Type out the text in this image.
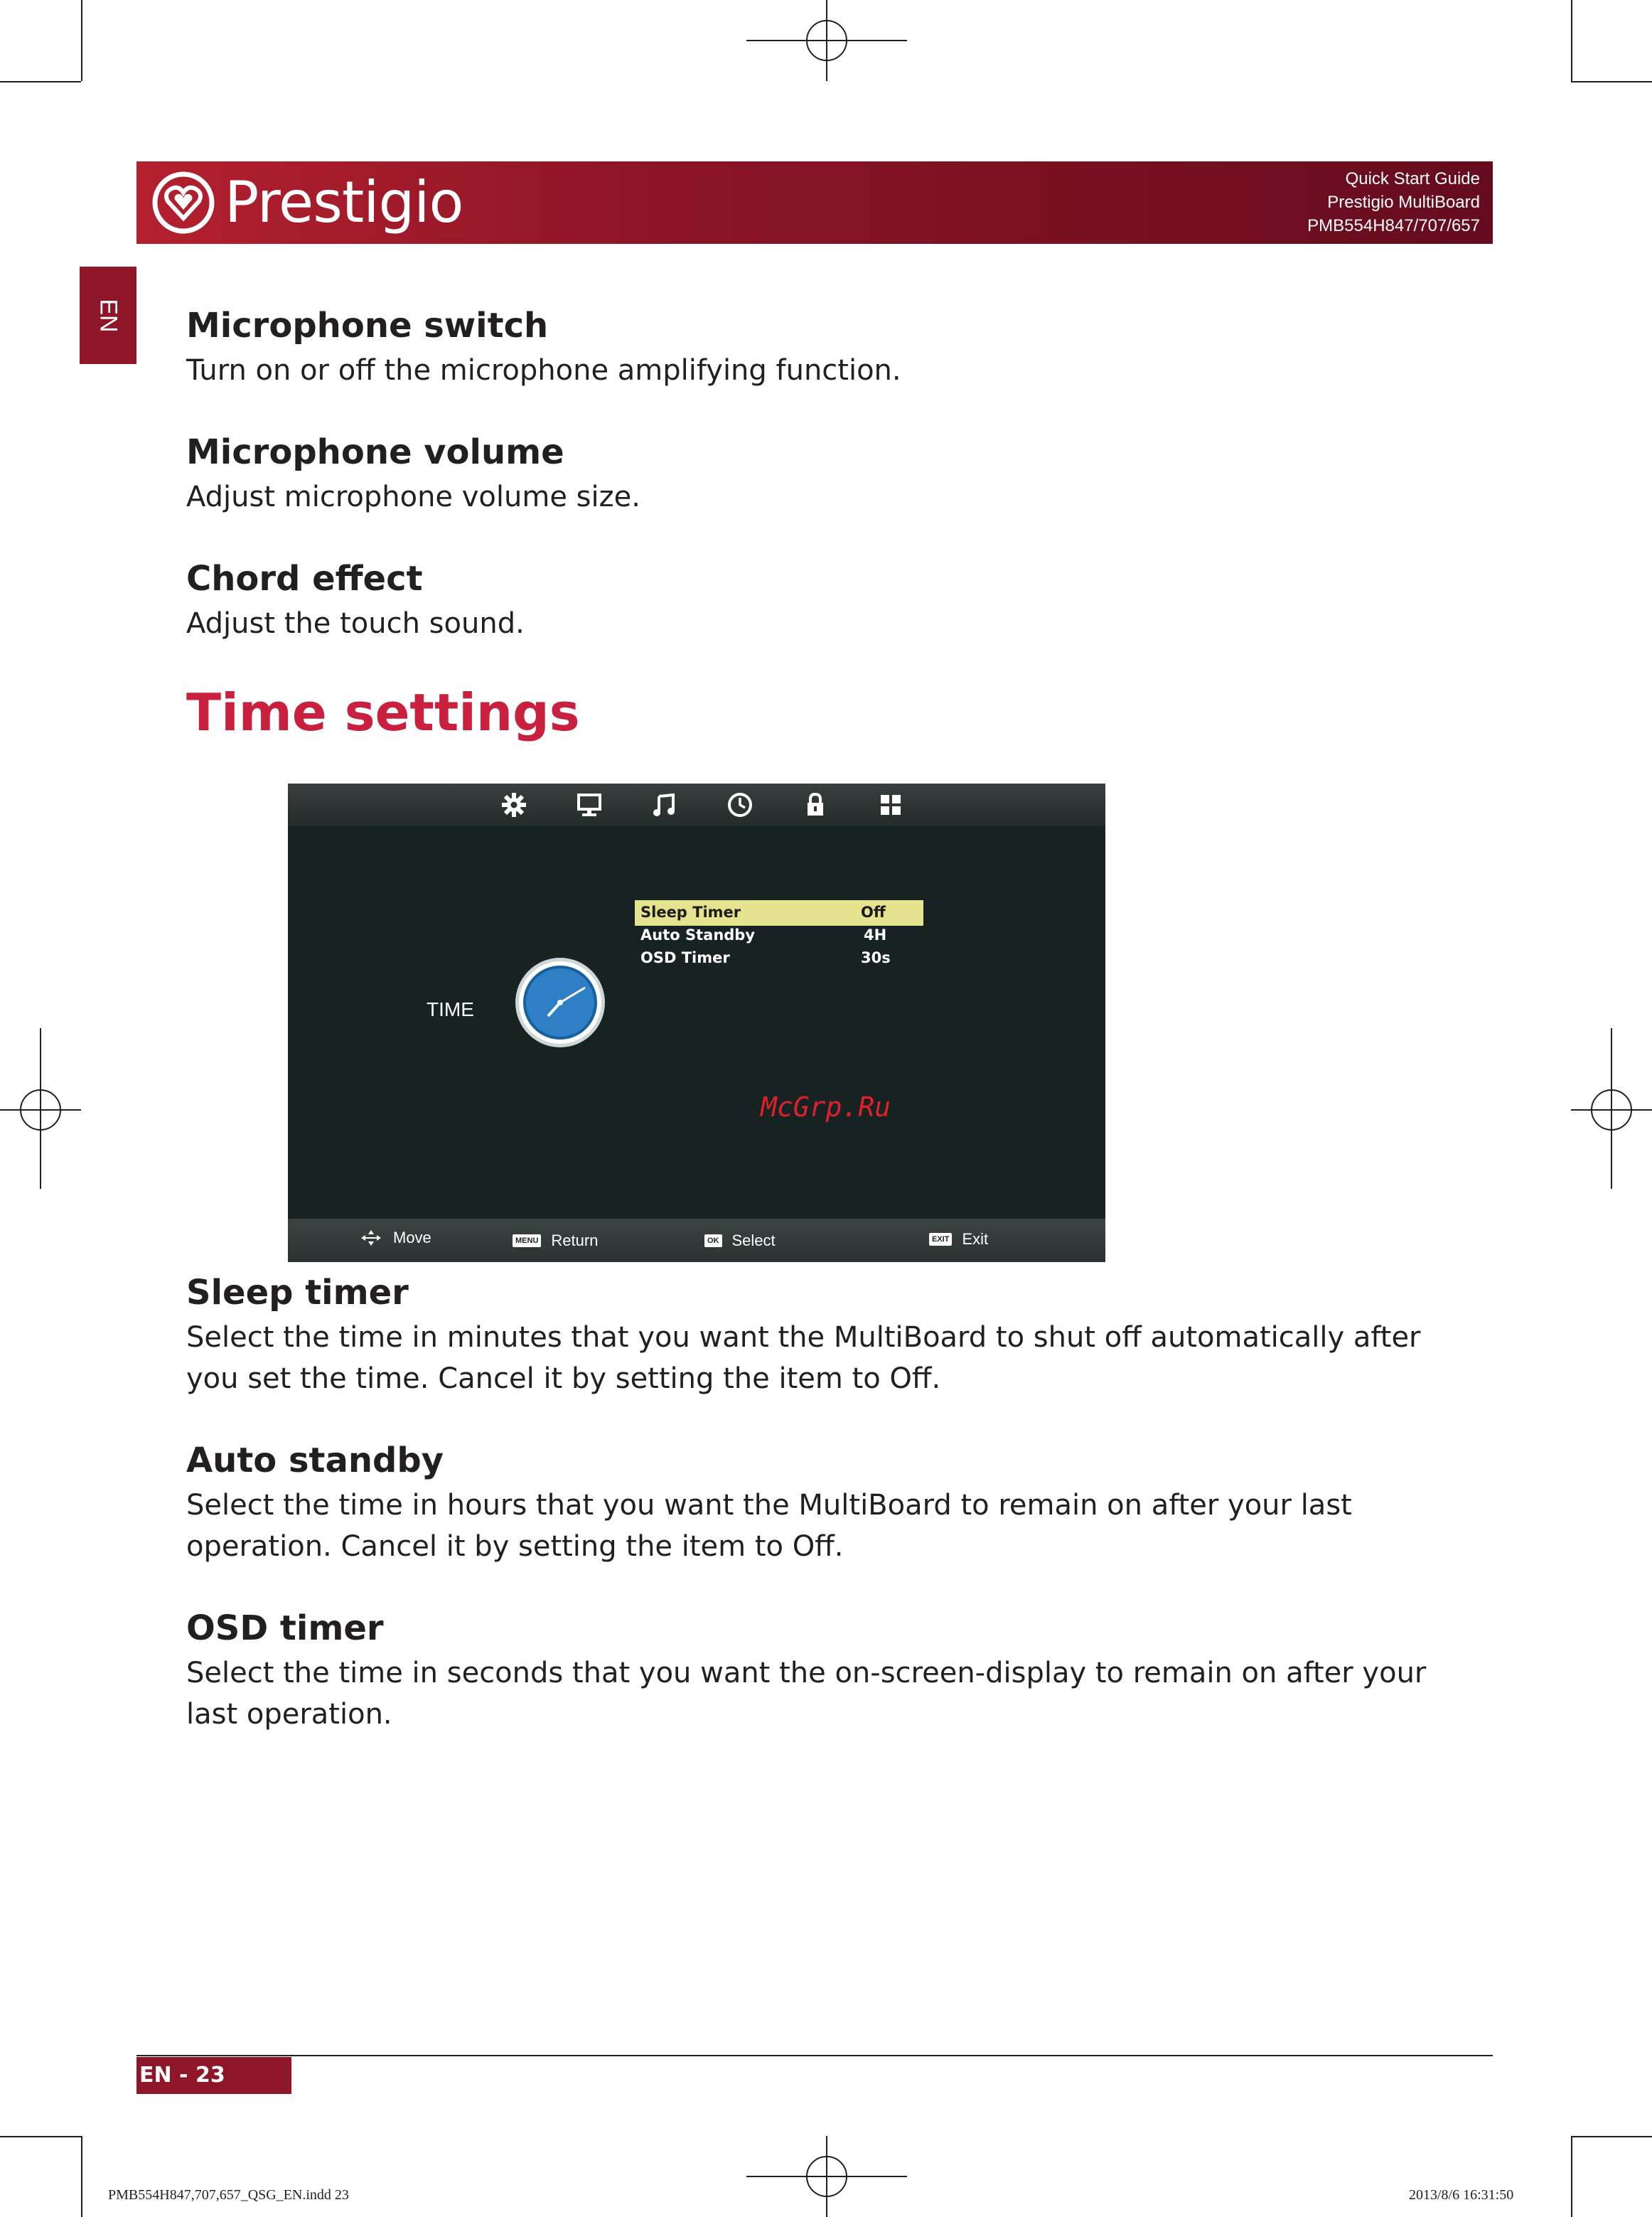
Prestigio	Quick Start Guide
Prestigio MultiBoard
PMB554H847/707/657
EN Microphone switch
Turn on or off the microphone amplifying function.
Microphone volume
Adjust microphone volume size.
Chord effect
Adjust the touch sound.
Time settings
TIME
Sleep Timer	Off
Auto Standby	4H
OSD Timer	30s
McGrp.Ru
Move	MENU Return	OK Select	EXIT Exit
Sleep timer
Select the time in minutes that you want the MultiBoard to shut off automatically after you set the time. Cancel it by setting the item to Off.
Auto standby
Select the time in hours that you want the MultiBoard to remain on after your last operation. Cancel it by setting the item to Off.
OSD timer
Select the time in seconds that you want the on-screen-display to remain on after your last operation.
EN - 23
PMB554H847,707,657_QSG_EN.indd 23	2013/8/6 16:31:50
